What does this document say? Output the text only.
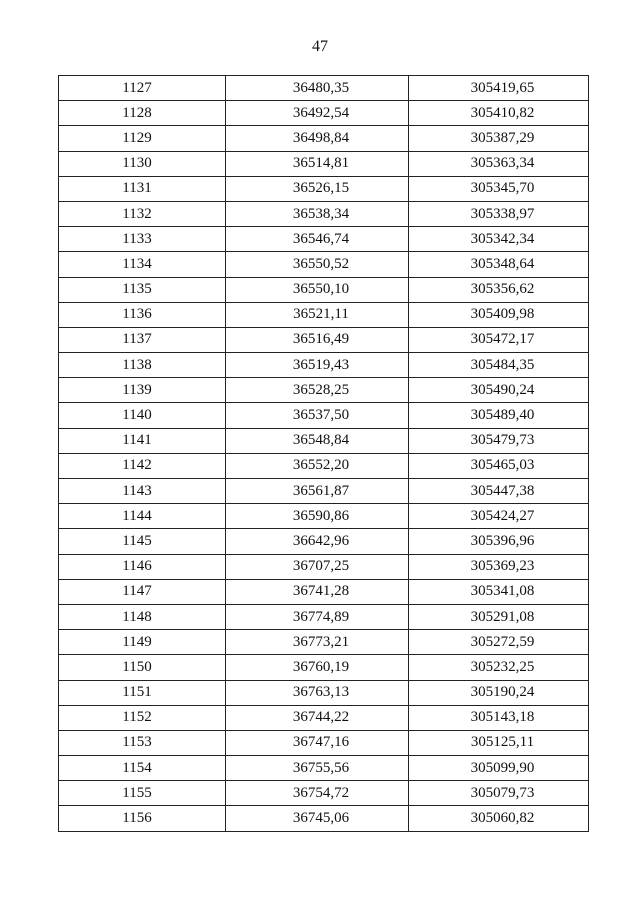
47
1127	36480,35	305419,65
1128	36492,54	305410,82
1129	36498,84	305387,29
1130	36514,81	305363,34
1131	36526,15	305345,70
1132	36538,34	305338,97
1133	36546,74	305342,34
1134	36550,52	305348,64
1135	36550,10	305356,62
1136	36521,11	305409,98
1137	36516,49	305472,17
1138	36519,43	305484,35
1139	36528,25	305490,24
1140	36537,50	305489,40
1141	36548,84	305479,73
1142	36552,20	305465,03
1143	36561,87	305447,38
1144	36590,86	305424,27
1145	36642,96	305396,96
1146	36707,25	305369,23
1147	36741,28	305341,08
1148	36774,89	305291,08
1149	36773,21	305272,59
1150	36760,19	305232,25
1151	36763,13	305190,24
1152	36744,22	305143,18
1153	36747,16	305125,11
1154	36755,56	305099,90
1155	36754,72	305079,73
1156	36745,06	305060,82
